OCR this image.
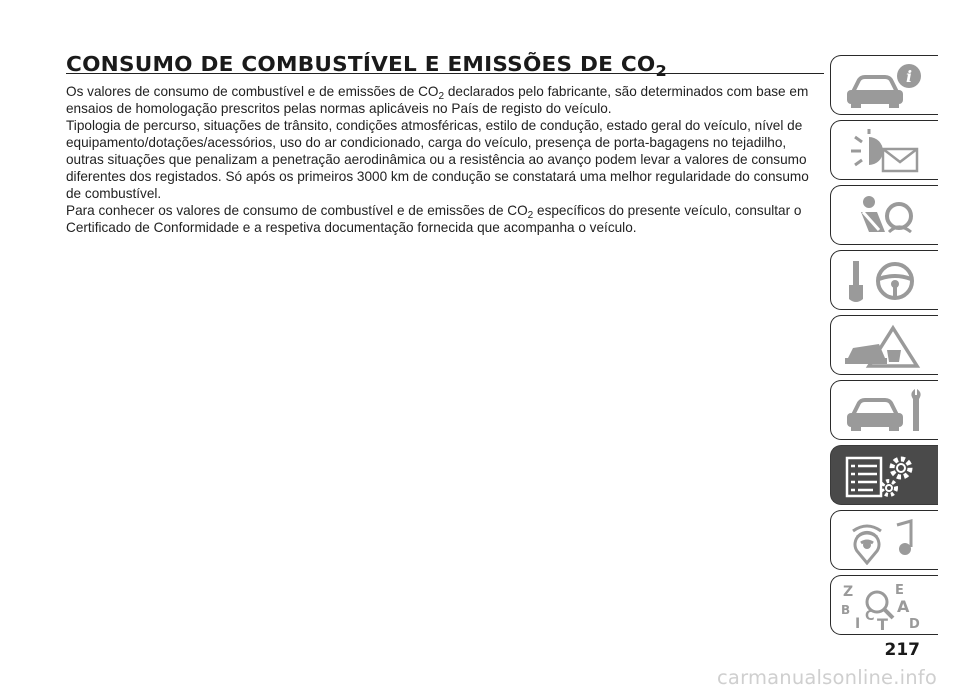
CONSUMO DE COMBUSTÍVEL E EMISSÕES DE $CO_2$

Os valores de consumo de combustível e de emissões de $CO_2$ declarados pelo fabricante, são determinados com base em ensaios de homologação prescritos pelas normas aplicáveis no País de registo do veículo.

Tipologia de percurso, situações de trânsito, condições atmosféricas, estilo de condução, estado geral do veículo, nível de equipamento/dotações/acessórios, uso do ar condicionado, carga do veículo, presença de porta-bagagens no tejadilho, outras situações que penalizam a penetração aerodinâmica ou a resistência ao avanço podem levar a valores de consumo diferentes dos registados. Só após os primeiros 3000 km de condução se constatará uma melhor regularidade do consumo de combustível.

Para conhecer os valores de consumo de combustível e de emissões de $CO_2$ específicos do presente veículo, consultar o Certificado de Conformidade e a respetiva documentação fornecida que acompanha o veículo.

i
Z	E
B	A
I C T D
217
carmanualsonline.info
